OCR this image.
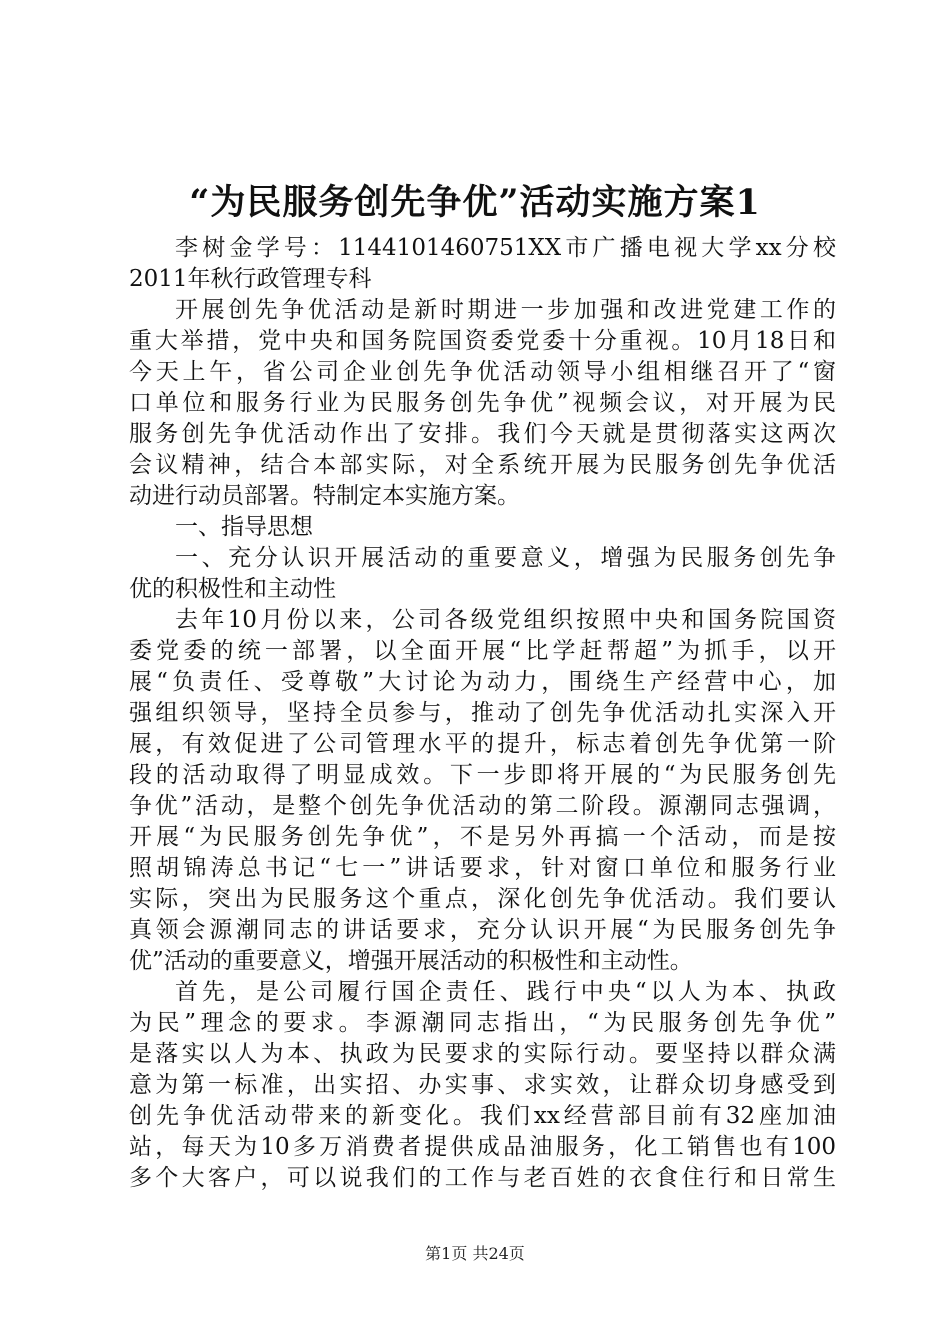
“为民服务创先争优”活动实施方案1
李树金学号：1144101460751XX市广播电视大学xx分校
2011年秋行政管理专科
开展创先争优活动是新时期进一步加强和改进党建工作的
重大举措，党中央和国务院国资委党委十分重视。10月18日和
今天上午，省公司企业创先争优活动领导小组相继召开了“窗
口单位和服务行业为民服务创先争优”视频会议，对开展为民
服务创先争优活动作出了安排。我们今天就是贯彻落实这两次
会议精神，结合本部实际，对全系统开展为民服务创先争优活
动进行动员部署。特制定本实施方案。
一、指导思想
一、充分认识开展活动的重要意义，增强为民服务创先争
优的积极性和主动性
去年10月份以来，公司各级党组织按照中央和国务院国资
委党委的统一部署，以全面开展“比学赶帮超”为抓手，以开
展“负责任、受尊敬”大讨论为动力，围绕生产经营中心，加
强组织领导，坚持全员参与，推动了创先争优活动扎实深入开
展，有效促进了公司管理水平的提升，标志着创先争优第一阶
段的活动取得了明显成效。下一步即将开展的“为民服务创先
争优”活动，是整个创先争优活动的第二阶段。源潮同志强调，
开展“为民服务创先争优”，不是另外再搞一个活动，而是按
照胡锦涛总书记“七一”讲话要求，针对窗口单位和服务行业
实际，突出为民服务这个重点，深化创先争优活动。我们要认
真领会源潮同志的讲话要求，充分认识开展“为民服务创先争
优”活动的重要意义，增强开展活动的积极性和主动性。
首先，是公司履行国企责任、践行中央“以人为本、执政
为民”理念的要求。李源潮同志指出，“为民服务创先争优”
是落实以人为本、执政为民要求的实际行动。要坚持以群众满
意为第一标准，出实招、办实事、求实效，让群众切身感受到
创先争优活动带来的新变化。我们xx经营部目前有32座加油
站，每天为10多万消费者提供成品油服务，化工销售也有100
多个大客户，可以说我们的工作与老百姓的衣食住行和日常生
第1页 共24页
